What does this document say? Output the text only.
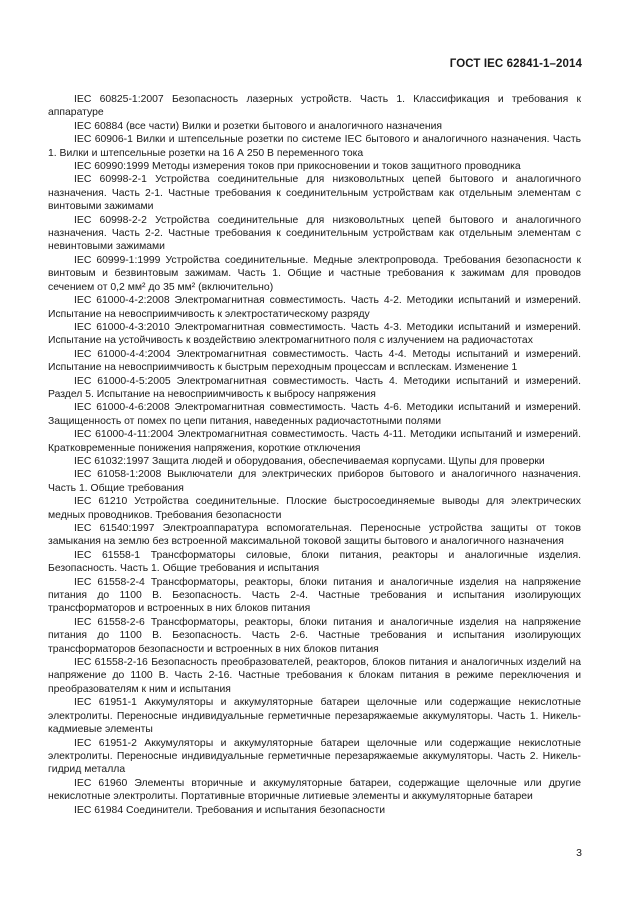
ГОСТ IEC 62841-1–2014

IEC 60825-1:2007 Безопасность лазерных устройств. Часть 1. Классификация и требования к аппаратуре

IEC 60884 (все части) Вилки и розетки бытового и аналогичного назначения

IEC 60906-1 Вилки и штепсельные розетки по системе IEC бытового и аналогичного назначения. Часть 1. Вилки и штепсельные розетки на 16 А 250 В переменного тока

IEC 60990:1999 Методы измерения токов при прикосновении и токов защитного проводника

IEC 60998-2-1 Устройства соединительные для низковольтных цепей бытового и аналогичного назначения. Часть 2-1. Частные требования к соединительным устройствам как отдельным элементам с винтовыми зажимами

IEC 60998-2-2 Устройства соединительные для низковольтных цепей бытового и аналогичного назначения. Часть 2-2. Частные требования к соединительным устройствам как отдельным элементам с невинтовыми зажимами

IEC 60999-1:1999 Устройства соединительные. Медные электропровода. Требования безопасности к винтовым и безвинтовым зажимам. Часть 1. Общие и частные требования к зажимам для проводов сечением от 0,2 мм² до 35 мм² (включительно)

IEC 61000-4-2:2008 Электромагнитная совместимость. Часть 4-2. Методики испытаний и измерений. Испытание на невосприимчивость к электростатическому разряду

IEC 61000-4-3:2010 Электромагнитная совместимость. Часть 4-3. Методики испытаний и измерений. Испытание на устойчивость к воздействию электромагнитного поля с излучением на радиочастотах

IEC 61000-4-4:2004 Электромагнитная совместимость. Часть 4-4. Методы испытаний и измерений. Испытание на невосприимчивость к быстрым переходным процессам и всплескам. Изменение 1

IEC 61000-4-5:2005 Электромагнитная совместимость. Часть 4. Методики испытаний и измерений. Раздел 5. Испытание на невосприимчивость к выбросу напряжения

IEC 61000-4-6:2008 Электромагнитная совместимость. Часть 4-6. Методики испытаний и измерений. Защищенность от помех по цепи питания, наведенных радиочастотными полями

IEC 61000-4-11:2004 Электромагнитная совместимость. Часть 4-11. Методики испытаний и измерений. Кратковременные понижения напряжения, короткие отключения

IEC 61032:1997 Защита людей и оборудования, обеспечиваемая корпусами. Щупы для проверки

IEC 61058-1:2008 Выключатели для электрических приборов бытового и аналогичного назначения. Часть 1. Общие требования

IEC 61210 Устройства соединительные. Плоские быстросоединяемые выводы для электрических медных проводников. Требования безопасности

IEC 61540:1997 Электроаппаратура вспомогательная. Переносные устройства защиты от токов замыкания на землю без встроенной максимальной токовой защиты бытового и аналогичного назначения

IEC 61558-1 Трансформаторы силовые, блоки питания, реакторы и аналогичные изделия. Безопасность. Часть 1. Общие требования и испытания

IEC 61558-2-4 Трансформаторы, реакторы, блоки питания и аналогичные изделия на напряжение питания до 1100 В. Безопасность. Часть 2-4. Частные требования и испытания изолирующих трансформаторов и встроенных в них блоков питания

IEC 61558-2-6 Трансформаторы, реакторы, блоки питания и аналогичные изделия на напряжение питания до 1100 В. Безопасность. Часть 2-6. Частные требования и испытания изолирующих трансформаторов безопасности и встроенных в них блоков питания

IEC 61558-2-16 Безопасность преобразователей, реакторов, блоков питания и аналогичных изделий на напряжение до 1100 В. Часть 2-16. Частные требования к блокам питания в режиме переключения и преобразователям к ним и испытания

IEC 61951-1 Аккумуляторы и аккумуляторные батареи щелочные или содержащие некислотные электролиты. Переносные индивидуальные герметичные перезаряжаемые аккумуляторы. Часть 1. Никель-кадмиевые элементы

IEC 61951-2 Аккумуляторы и аккумуляторные батареи щелочные или содержащие некислотные электролиты. Переносные индивидуальные герметичные перезаряжаемые аккумуляторы. Часть 2. Никель-гидрид металла

IEC 61960 Элементы вторичные и аккумуляторные батареи, содержащие щелочные или другие некислотные электролиты. Портативные вторичные литиевые элементы и аккумуляторные батареи

IEC 61984 Соединители. Требования и испытания безопасности

3
